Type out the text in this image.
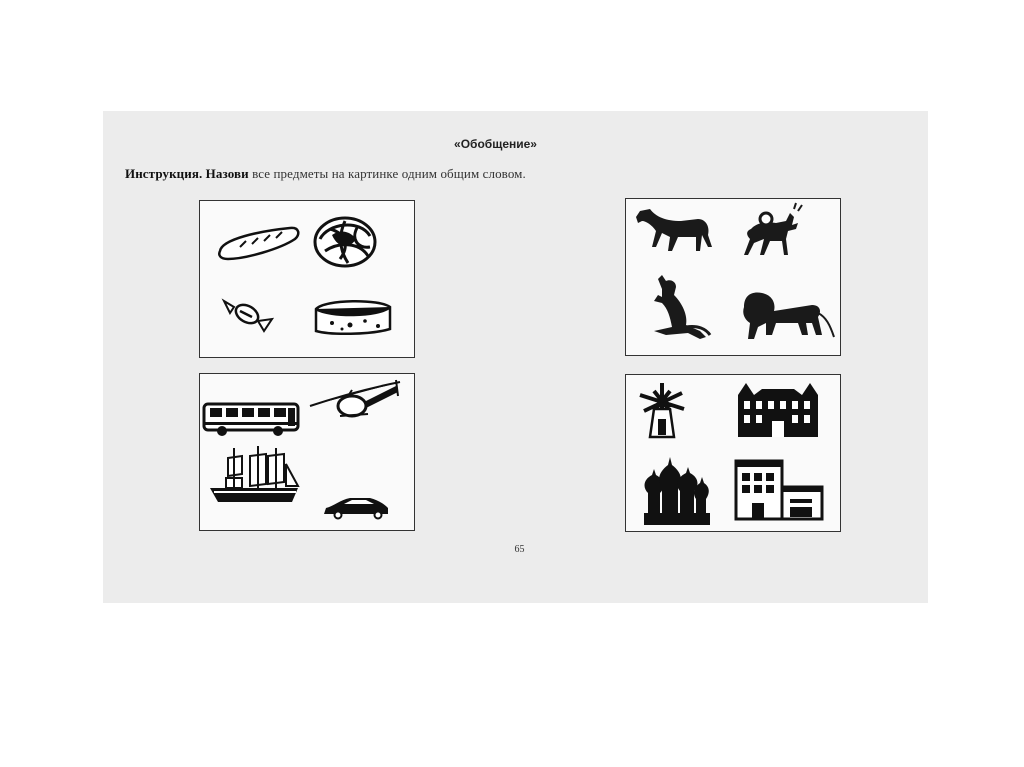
«Обобщение»
Инструкция. Назови все предметы на картинке одним общим словом.
65
